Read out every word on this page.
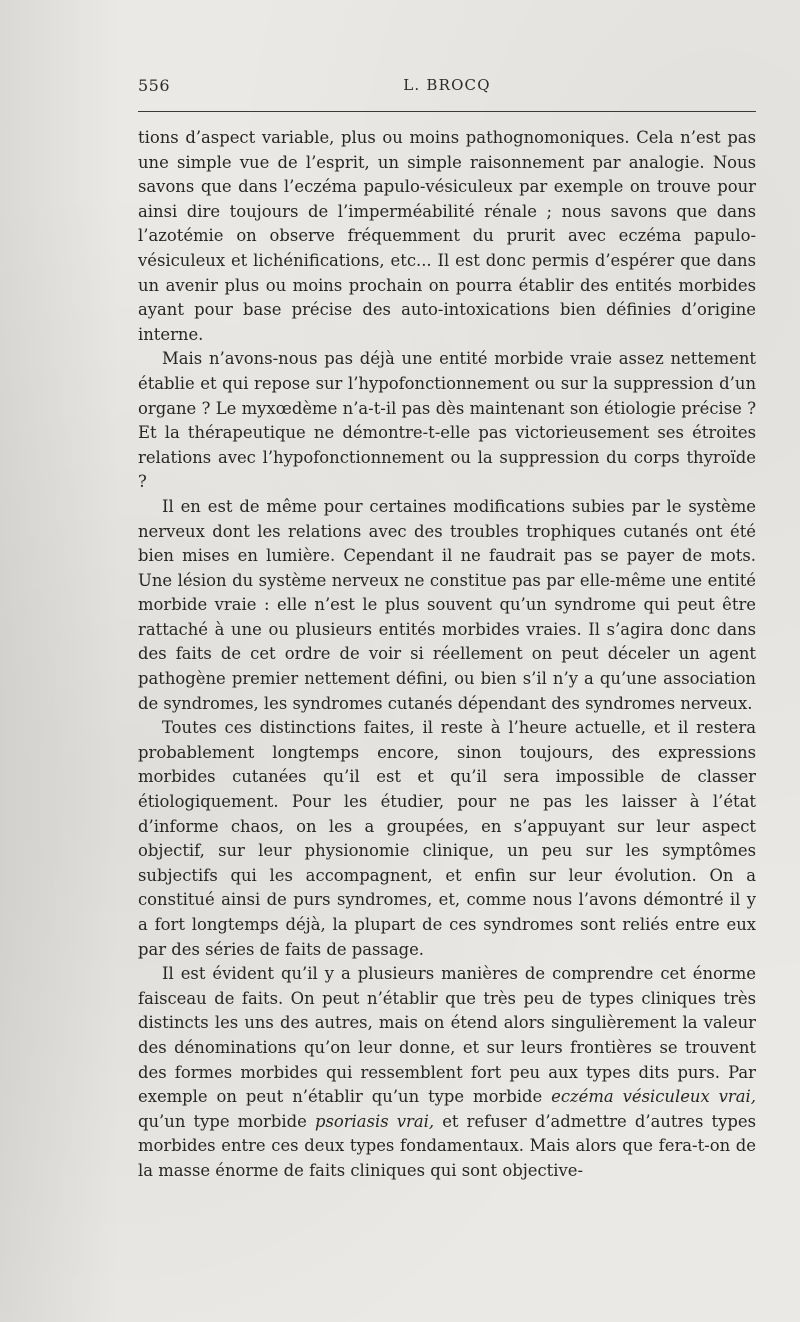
556	L. BROCQ

tions d’aspect variable, plus ou moins pathognomoniques. Cela n’est pas une simple vue de l’esprit, un simple raisonnement par analogie. Nous savons que dans l’eczéma papulo-vésiculeux par exemple on trouve pour ainsi dire toujours de l’imperméabilité rénale ; nous savons que dans l’azotémie on observe fréquemment du prurit avec eczéma papulo-vésiculeux et lichénifications, etc... Il est donc permis d’espérer que dans un avenir plus ou moins prochain on pourra établir des entités morbides ayant pour base précise des auto-intoxications bien définies d’origine interne.

Mais n’avons-nous pas déjà une entité morbide vraie assez nettement établie et qui repose sur l’hypofonctionnement ou sur la suppression d’un organe ? Le myxœdème n’a-t-il pas dès maintenant son étiologie précise ? Et la thérapeutique ne démontre-t-elle pas victorieusement ses étroites relations avec l’hypofonctionnement ou la suppression du corps thyroïde ?

Il en est de même pour certaines modifications subies par le système nerveux dont les relations avec des troubles trophiques cutanés ont été bien mises en lumière. Cependant il ne faudrait pas se payer de mots. Une lésion du système nerveux ne constitue pas par elle-même une entité morbide vraie : elle n’est le plus souvent qu’un syndrome qui peut être rattaché à une ou plusieurs entités morbides vraies. Il s’agira donc dans des faits de cet ordre de voir si réellement on peut déceler un agent pathogène premier nettement défini, ou bien s’il n’y a qu’une association de syndromes, les syndromes cutanés dépendant des syndromes nerveux.

Toutes ces distinctions faites, il reste à l’heure actuelle, et il restera probablement longtemps encore, sinon toujours, des expressions morbides cutanées qu’il est et qu’il sera impossible de classer étiologiquement. Pour les étudier, pour ne pas les laisser à l’état d’informe chaos, on les a groupées, en s’appuyant sur leur aspect objectif, sur leur physionomie clinique, un peu sur les symptômes subjectifs qui les accompagnent, et enfin sur leur évolution. On a constitué ainsi de purs syndromes, et, comme nous l’avons démontré il y a fort longtemps déjà, la plupart de ces syndromes sont reliés entre eux par des séries de faits de passage.

Il est évident qu’il y a plusieurs manières de comprendre cet énorme faisceau de faits. On peut n’établir que très peu de types cliniques très distincts les uns des autres, mais on étend alors singulièrement la valeur des dénominations qu’on leur donne, et sur leurs frontières se trouvent des formes morbides qui ressemblent fort peu aux types dits purs. Par exemple on peut n’établir qu’un type morbide eczéma vésiculeux vrai, qu’un type morbide psoriasis vrai, et refuser d’admettre d’autres types morbides entre ces deux types fondamentaux. Mais alors que fera-t-on de la masse énorme de faits cliniques qui sont objective-
